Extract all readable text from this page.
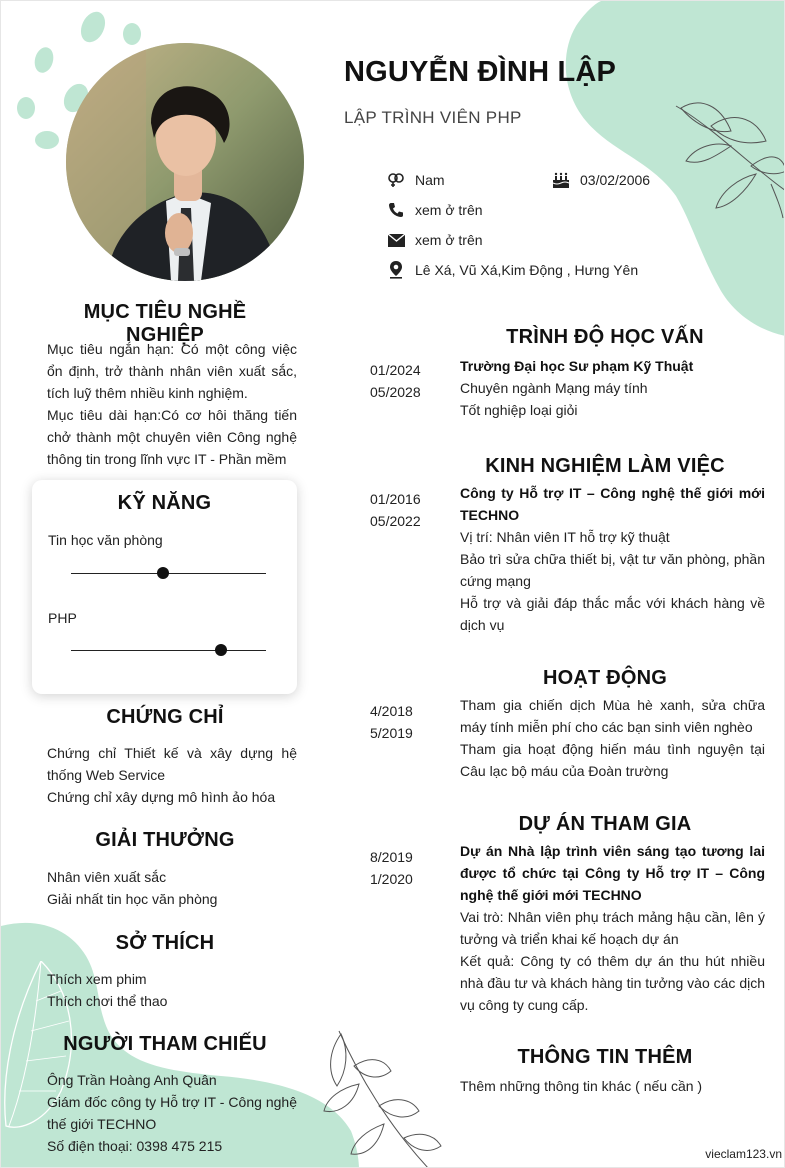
NGUYỄN ĐÌNH LẬP
LẬP TRÌNH VIÊN PHP
Nam	03/02/2006
xem ở trên
xem ở trên
Lê Xá, Vũ Xá,Kim Động , Hưng Yên
MỤC TIÊU NGHỀ NGHIỆP
Mục tiêu ngắn hạn: Có một công việc ổn định, trở thành nhân viên xuất sắc, tích luỹ thêm nhiều kinh nghiệm.
Mục tiêu dài hạn:Có cơ hôi thăng tiến chở thành một chuyên viên Công nghệ thông tin trong lĩnh vực IT - Phần mềm
KỸ NĂNG
Tin học văn phòng
PHP
CHỨNG CHỈ
Chứng chỉ Thiết kế và xây dựng hệ thống Web Service
Chứng chỉ xây dựng mô hình ảo hóa
GIẢI THƯỞNG
Nhân viên xuất sắc
Giải nhất tin học văn phòng
SỞ THÍCH
Thích xem phim
Thích chơi thể thao
NGƯỜI THAM CHIẾU
Ông Trần Hoàng Anh Quân
Giám đốc công ty Hỗ trợ IT - Công nghệ thế giới TECHNO
Số điện thoại: 0398 475 215
TRÌNH ĐỘ HỌC VẤN
01/2024
05/2028
Trường Đại học Sư phạm Kỹ Thuật
Chuyên ngành Mạng máy tính
Tốt nghiệp loại giỏi
KINH NGHIỆM LÀM VIỆC
01/2016
05/2022
Công ty Hỗ trợ IT – Công nghệ thế giới mới TECHNO
Vị trí: Nhân viên IT hỗ trợ kỹ thuật
Bảo trì sửa chữa thiết bị, vật tư văn phòng, phần cứng mạng
Hỗ trợ và giải đáp thắc mắc với khách hàng về dịch vụ
HOẠT ĐỘNG
4/2018
5/2019
Tham gia chiến dịch Mùa hè xanh, sửa chữa máy tính miễn phí cho các bạn sinh viên nghèo
Tham gia hoạt động hiến máu tình nguyện tại Câu lạc bộ máu của Đoàn trường
DỰ ÁN THAM GIA
8/2019
1/2020
Dự án Nhà lập trình viên sáng tạo tương lai được tổ chức tại Công ty Hỗ trợ IT – Công nghệ thế giới mới TECHNO
Vai trò: Nhân viên phụ trách mảng hậu cần, lên ý tưởng và triển khai kế hoạch dự án
Kết quả: Công ty có thêm dự án thu hút nhiều nhà đầu tư và khách hàng tin tưởng vào các dịch vụ công ty cung cấp.
THÔNG TIN THÊM
Thêm những thông tin khác ( nếu cần )
vieclam123.vn
